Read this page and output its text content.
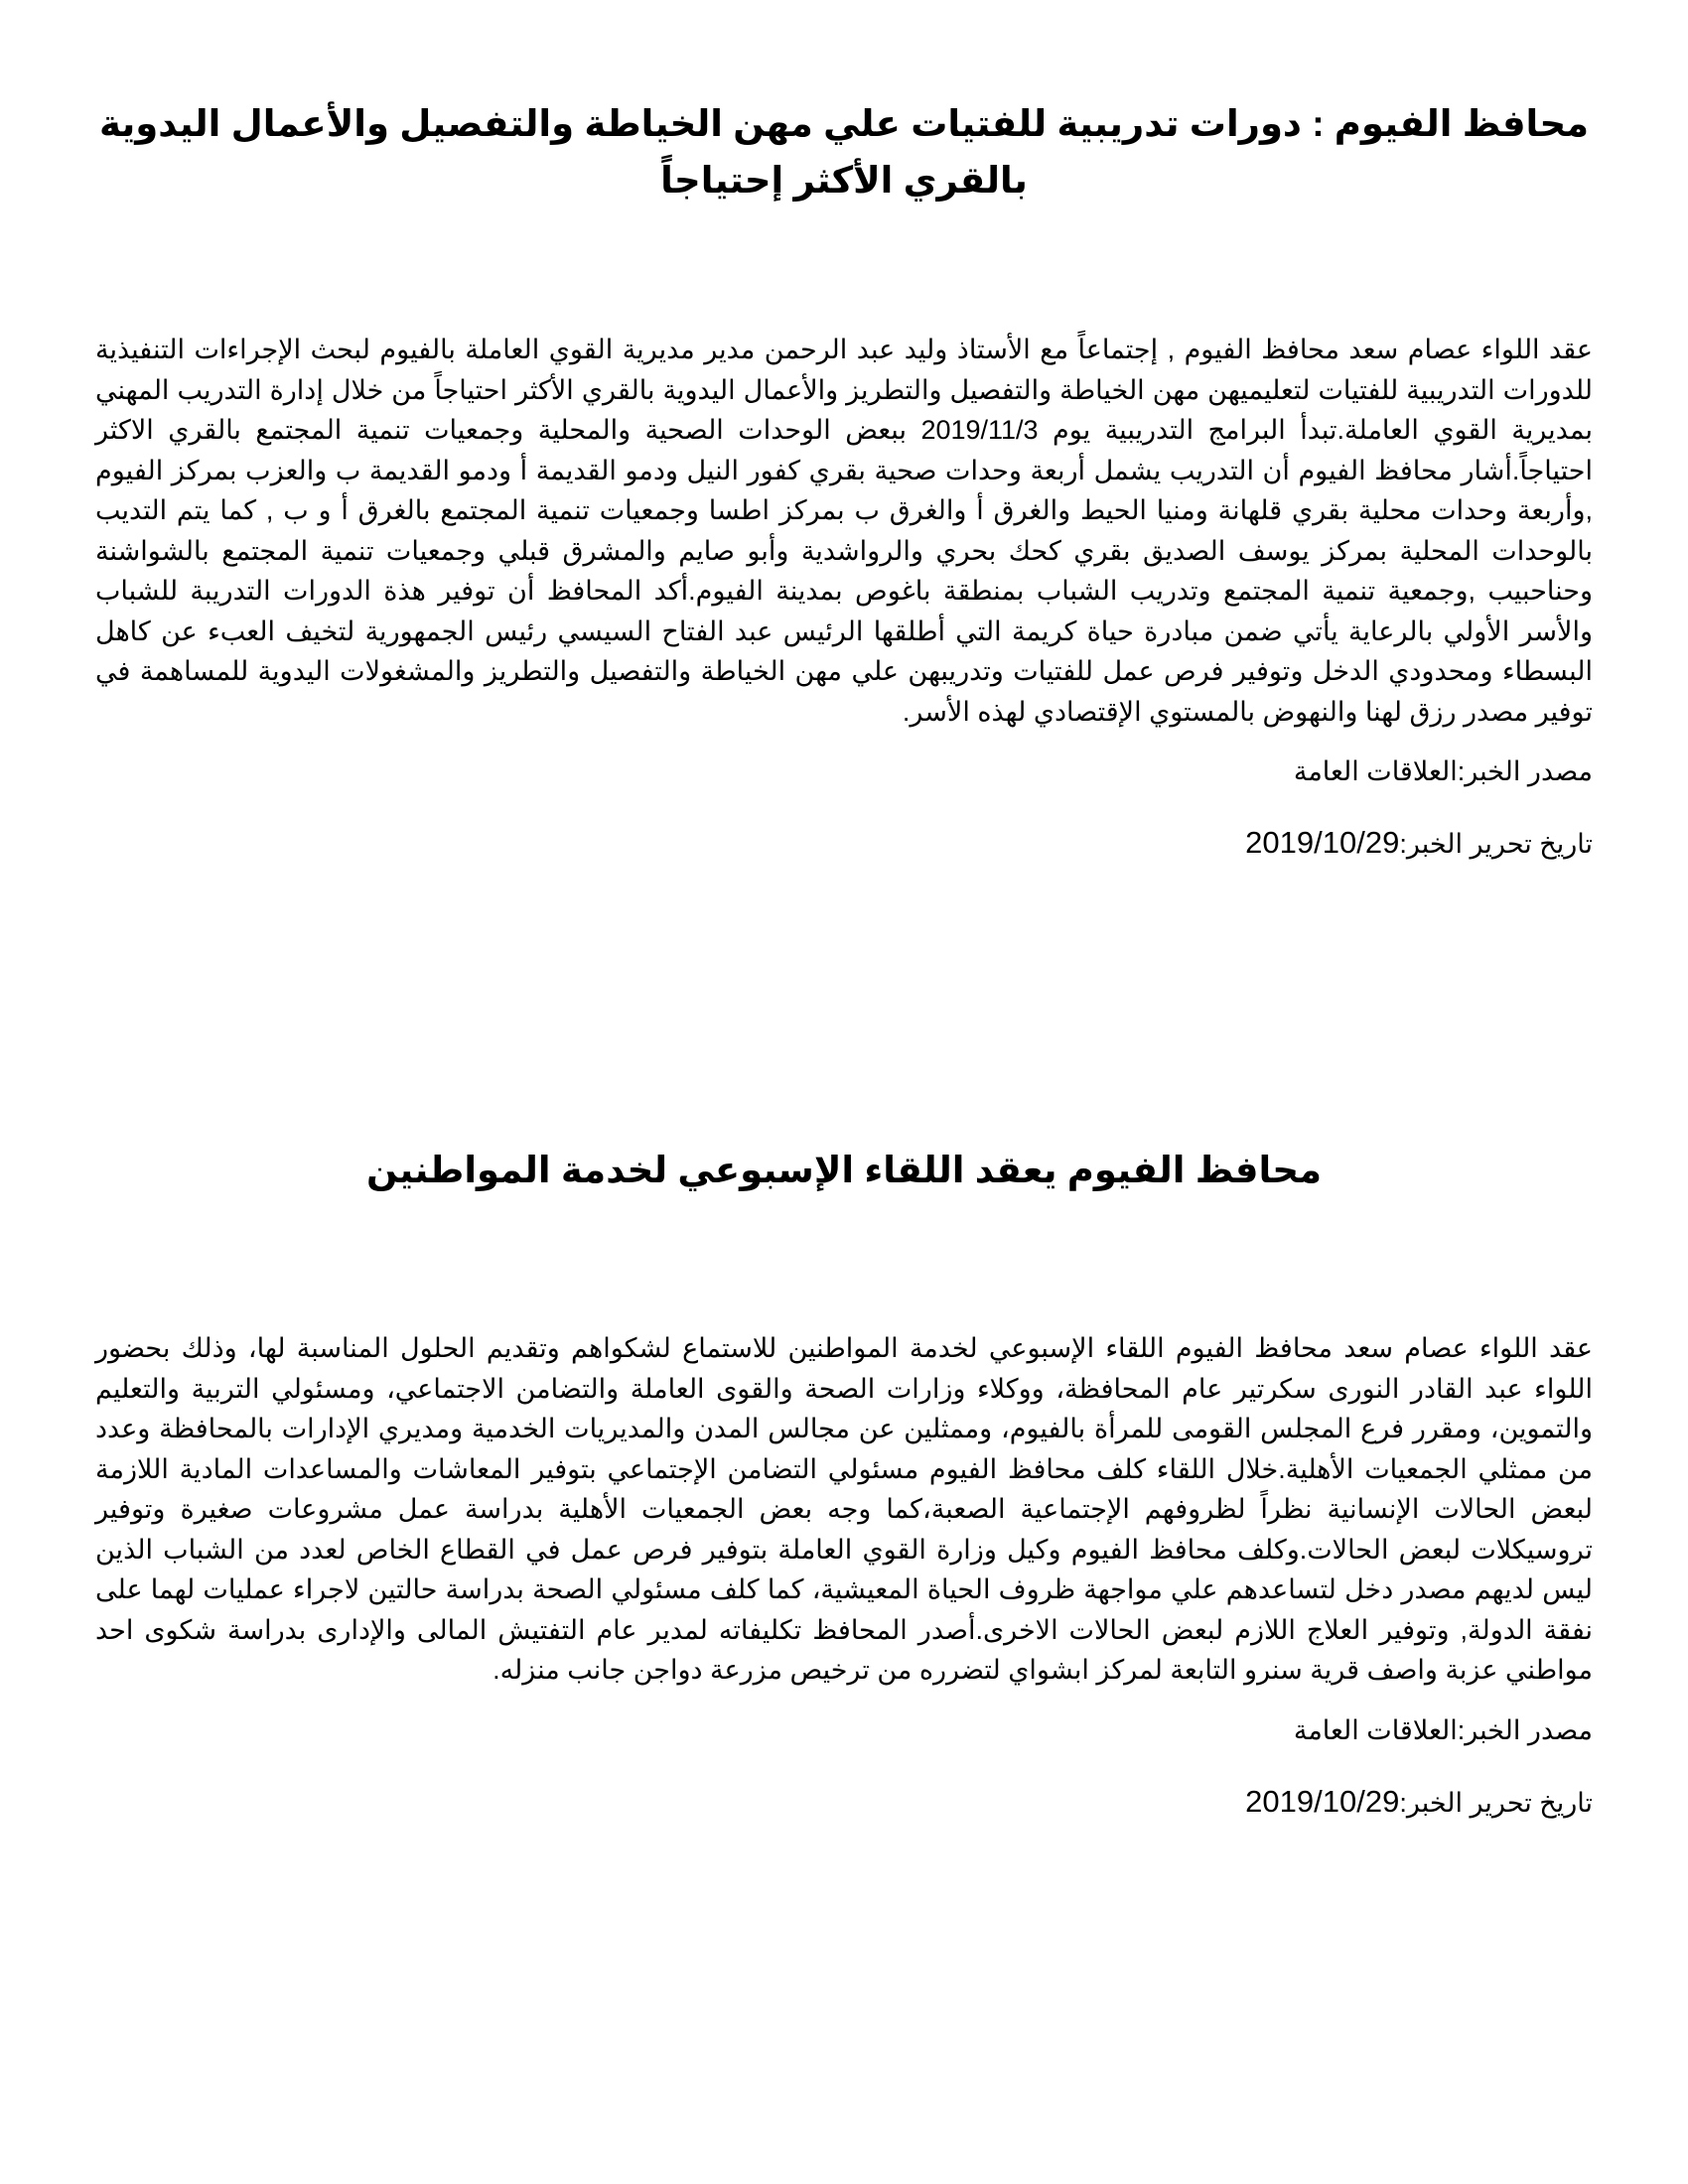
محافظ الفيوم : دورات تدريبية للفتيات علي مهن الخياطة والتفصيل والأعمال اليدوية بالقري الأكثر إحتياجاً

عقد اللواء عصام سعد محافظ الفيوم , إجتماعاً مع الأستاذ وليد عبد الرحمن مدير مديرية القوي العاملة بالفيوم لبحث الإجراءات التنفيذية للدورات التدريبية للفتيات لتعليميهن مهن الخياطة والتفصيل والتطريز والأعمال اليدوية بالقري الأكثر احتياجاً من خلال إدارة التدريب المهني بمديرية القوي العاملة.تبدأ البرامج التدريبية يوم 2019/11/3 ببعض الوحدات الصحية والمحلية وجمعيات تنمية المجتمع بالقري الاكثر احتياجاً.أشار محافظ الفيوم أن التدريب يشمل أربعة وحدات صحية بقري كفور النيل ودمو القديمة أ ودمو القديمة ب والعزب بمركز الفيوم ,وأربعة وحدات محلية بقري قلهانة ومنيا الحيط والغرق أ والغرق ب بمركز اطسا وجمعيات تنمية المجتمع بالغرق أ و ب , كما يتم التديب بالوحدات المحلية بمركز يوسف الصديق بقري كحك بحري والرواشدية وأبو صايم والمشرق قبلي وجمعيات تنمية المجتمع بالشواشنة وحناحبيب ,وجمعية تنمية المجتمع وتدريب الشباب بمنطقة باغوص بمدينة الفيوم.أكد المحافظ أن توفير هذة الدورات التدريبة للشباب والأسر الأولي بالرعاية يأتي ضمن مبادرة حياة كريمة التي أطلقها الرئيس عبد الفتاح السيسي رئيس الجمهورية لتخيف العبء عن كاهل البسطاء ومحدودي الدخل وتوفير فرص عمل للفتيات وتدريبهن علي مهن الخياطة والتفصيل والتطريز والمشغولات اليدوية للمساهمة في توفير مصدر رزق لهنا والنهوض بالمستوي الإقتصادي لهذه الأسر.

مصدر الخبر:العلاقات العامة

تاريخ تحرير الخبر:2019/10/29

محافظ الفيوم يعقد اللقاء الإسبوعي لخدمة المواطنين

عقد اللواء عصام سعد محافظ الفيوم اللقاء الإسبوعي لخدمة المواطنين للاستماع لشكواهم وتقديم الحلول المناسبة لها، وذلك بحضور اللواء عبد القادر النورى سكرتير عام المحافظة، ووكلاء وزارات الصحة والقوى العاملة والتضامن الاجتماعي، ومسئولي التربية والتعليم والتموين، ومقرر فرع المجلس القومى للمرأة بالفيوم، وممثلين عن مجالس المدن والمديريات الخدمية ومديري الإدارات بالمحافظة وعدد من ممثلي الجمعيات الأهلية.خلال اللقاء كلف محافظ الفيوم مسئولي التضامن الإجتماعي بتوفير المعاشات والمساعدات المادية اللازمة لبعض الحالات الإنسانية نظراً لظروفهم الإجتماعية الصعبة،كما وجه بعض الجمعيات الأهلية بدراسة عمل مشروعات صغيرة وتوفير تروسيكلات لبعض الحالات.وكلف محافظ الفيوم وكيل وزارة القوي العاملة بتوفير فرص عمل في القطاع الخاص لعدد من الشباب الذين ليس لديهم مصدر دخل لتساعدهم علي مواجهة ظروف الحياة المعيشية، كما كلف مسئولي الصحة بدراسة حالتين لاجراء عمليات لهما على نفقة الدولة, وتوفير العلاج اللازم لبعض الحالات الاخرى.أصدر المحافظ تكليفاته لمدير عام التفتيش المالى والإدارى بدراسة شكوى احد مواطني عزبة واصف قرية سنرو التابعة لمركز ابشواي لتضرره من ترخيص مزرعة دواجن جانب منزله.

مصدر الخبر:العلاقات العامة

تاريخ تحرير الخبر:2019/10/29
